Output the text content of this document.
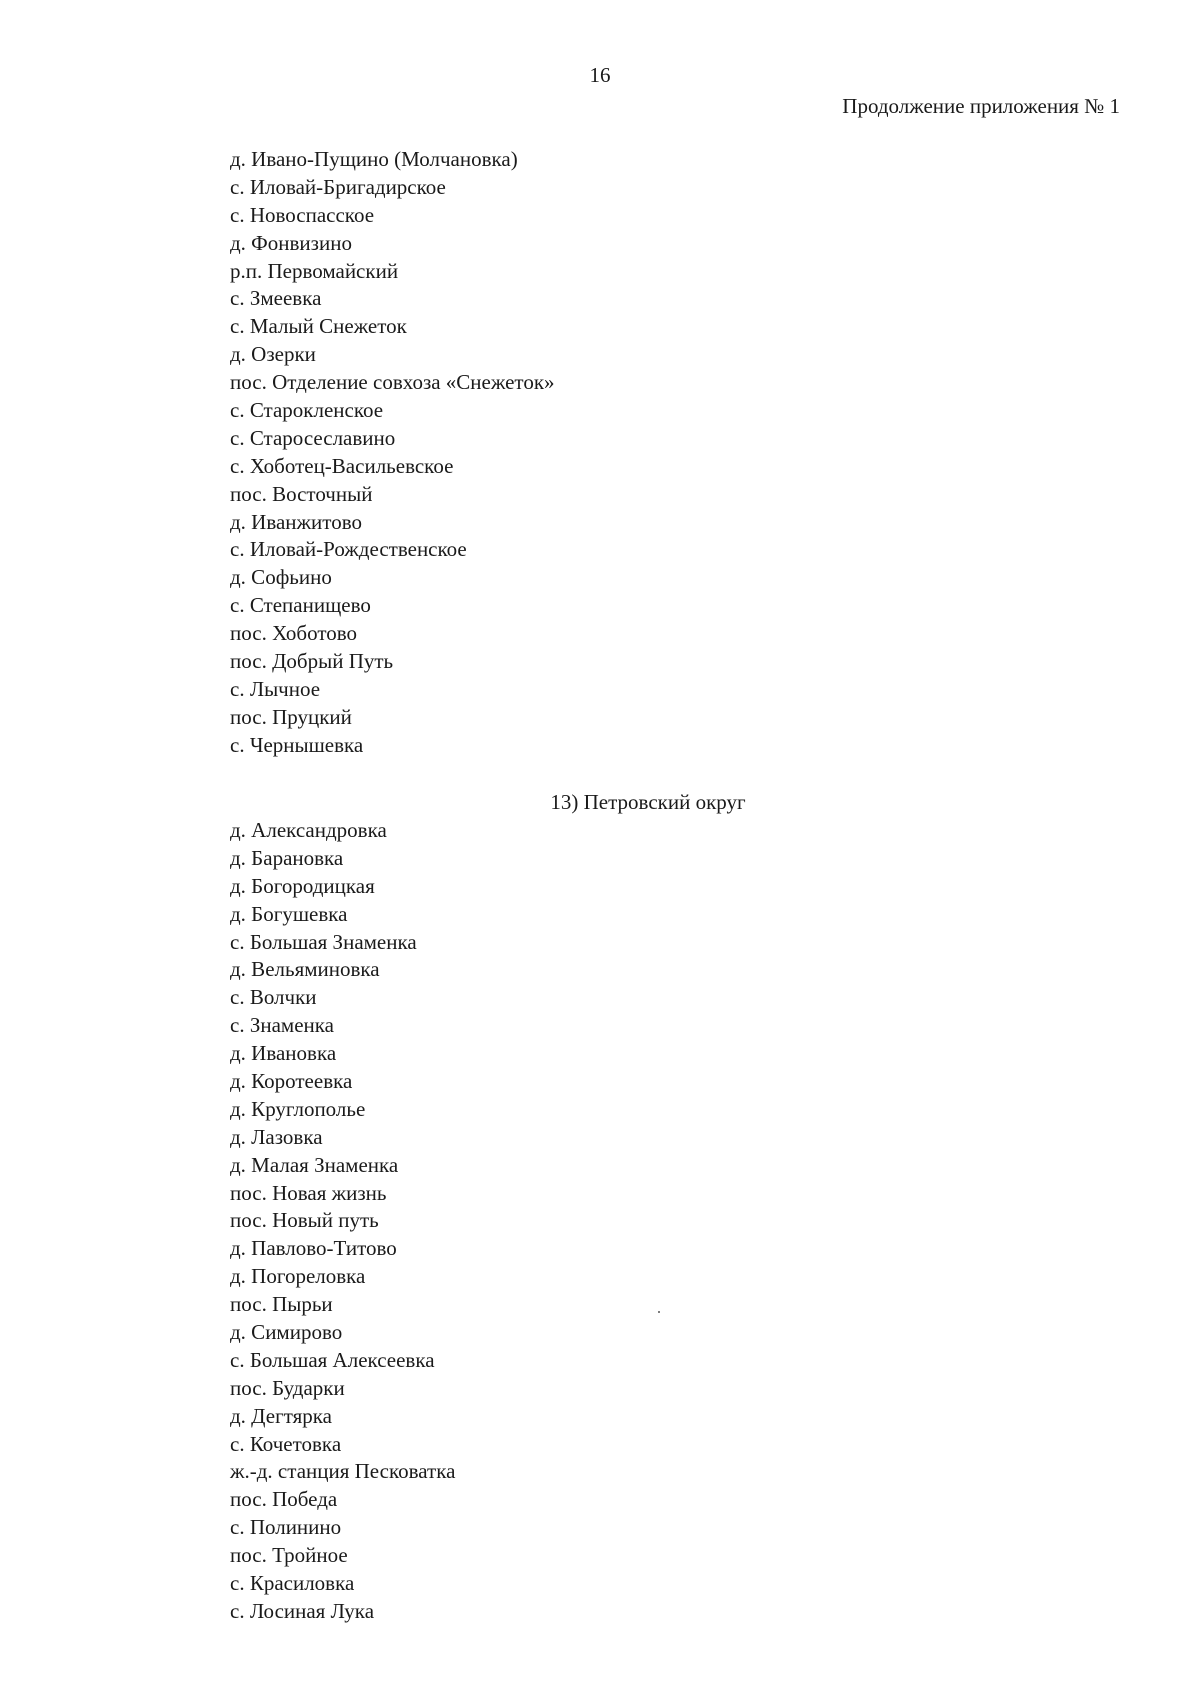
16
Продолжение приложения № 1
д. Ивано-Пущино (Молчановка)
с. Иловай-Бригадирское
с. Новоспасское
д. Фонвизино
р.п. Первомайский
с. Змеевка
с. Малый Снежеток
д. Озерки
пос. Отделение совхоза «Снежеток»
с. Староклeнское
с. Старосеславино
с. Хоботец-Васильевское
пос. Восточный
д. Иванжитово
с. Иловай-Рождественское
д. Софьино
с. Степанищево
пос. Хоботово
пос. Добрый Путь
с. Лычное
пос. Пруцкий
с. Чернышевка
13) Петровский округ
д. Александровка
д. Барановка
д. Богородицкая
д. Богушевка
с. Большая Знаменка
д. Вельяминовка
с. Волчки
с. Знаменка
д. Ивановка
д. Коротеевка
д. Круглополье
д. Лазовка
д. Малая Знаменка
пос. Новая жизнь
пос. Новый путь
д. Павлово-Титово
д. Погореловка
пос. Пырьи
д. Симирово
с. Большая Алексеевка
пос. Бударки
д. Дегтярка
с. Кочетовка
ж.-д. станция Песковатка
пос. Победа
с. Полинино
пос. Тройное
с. Красиловка
с. Лосиная Лука
